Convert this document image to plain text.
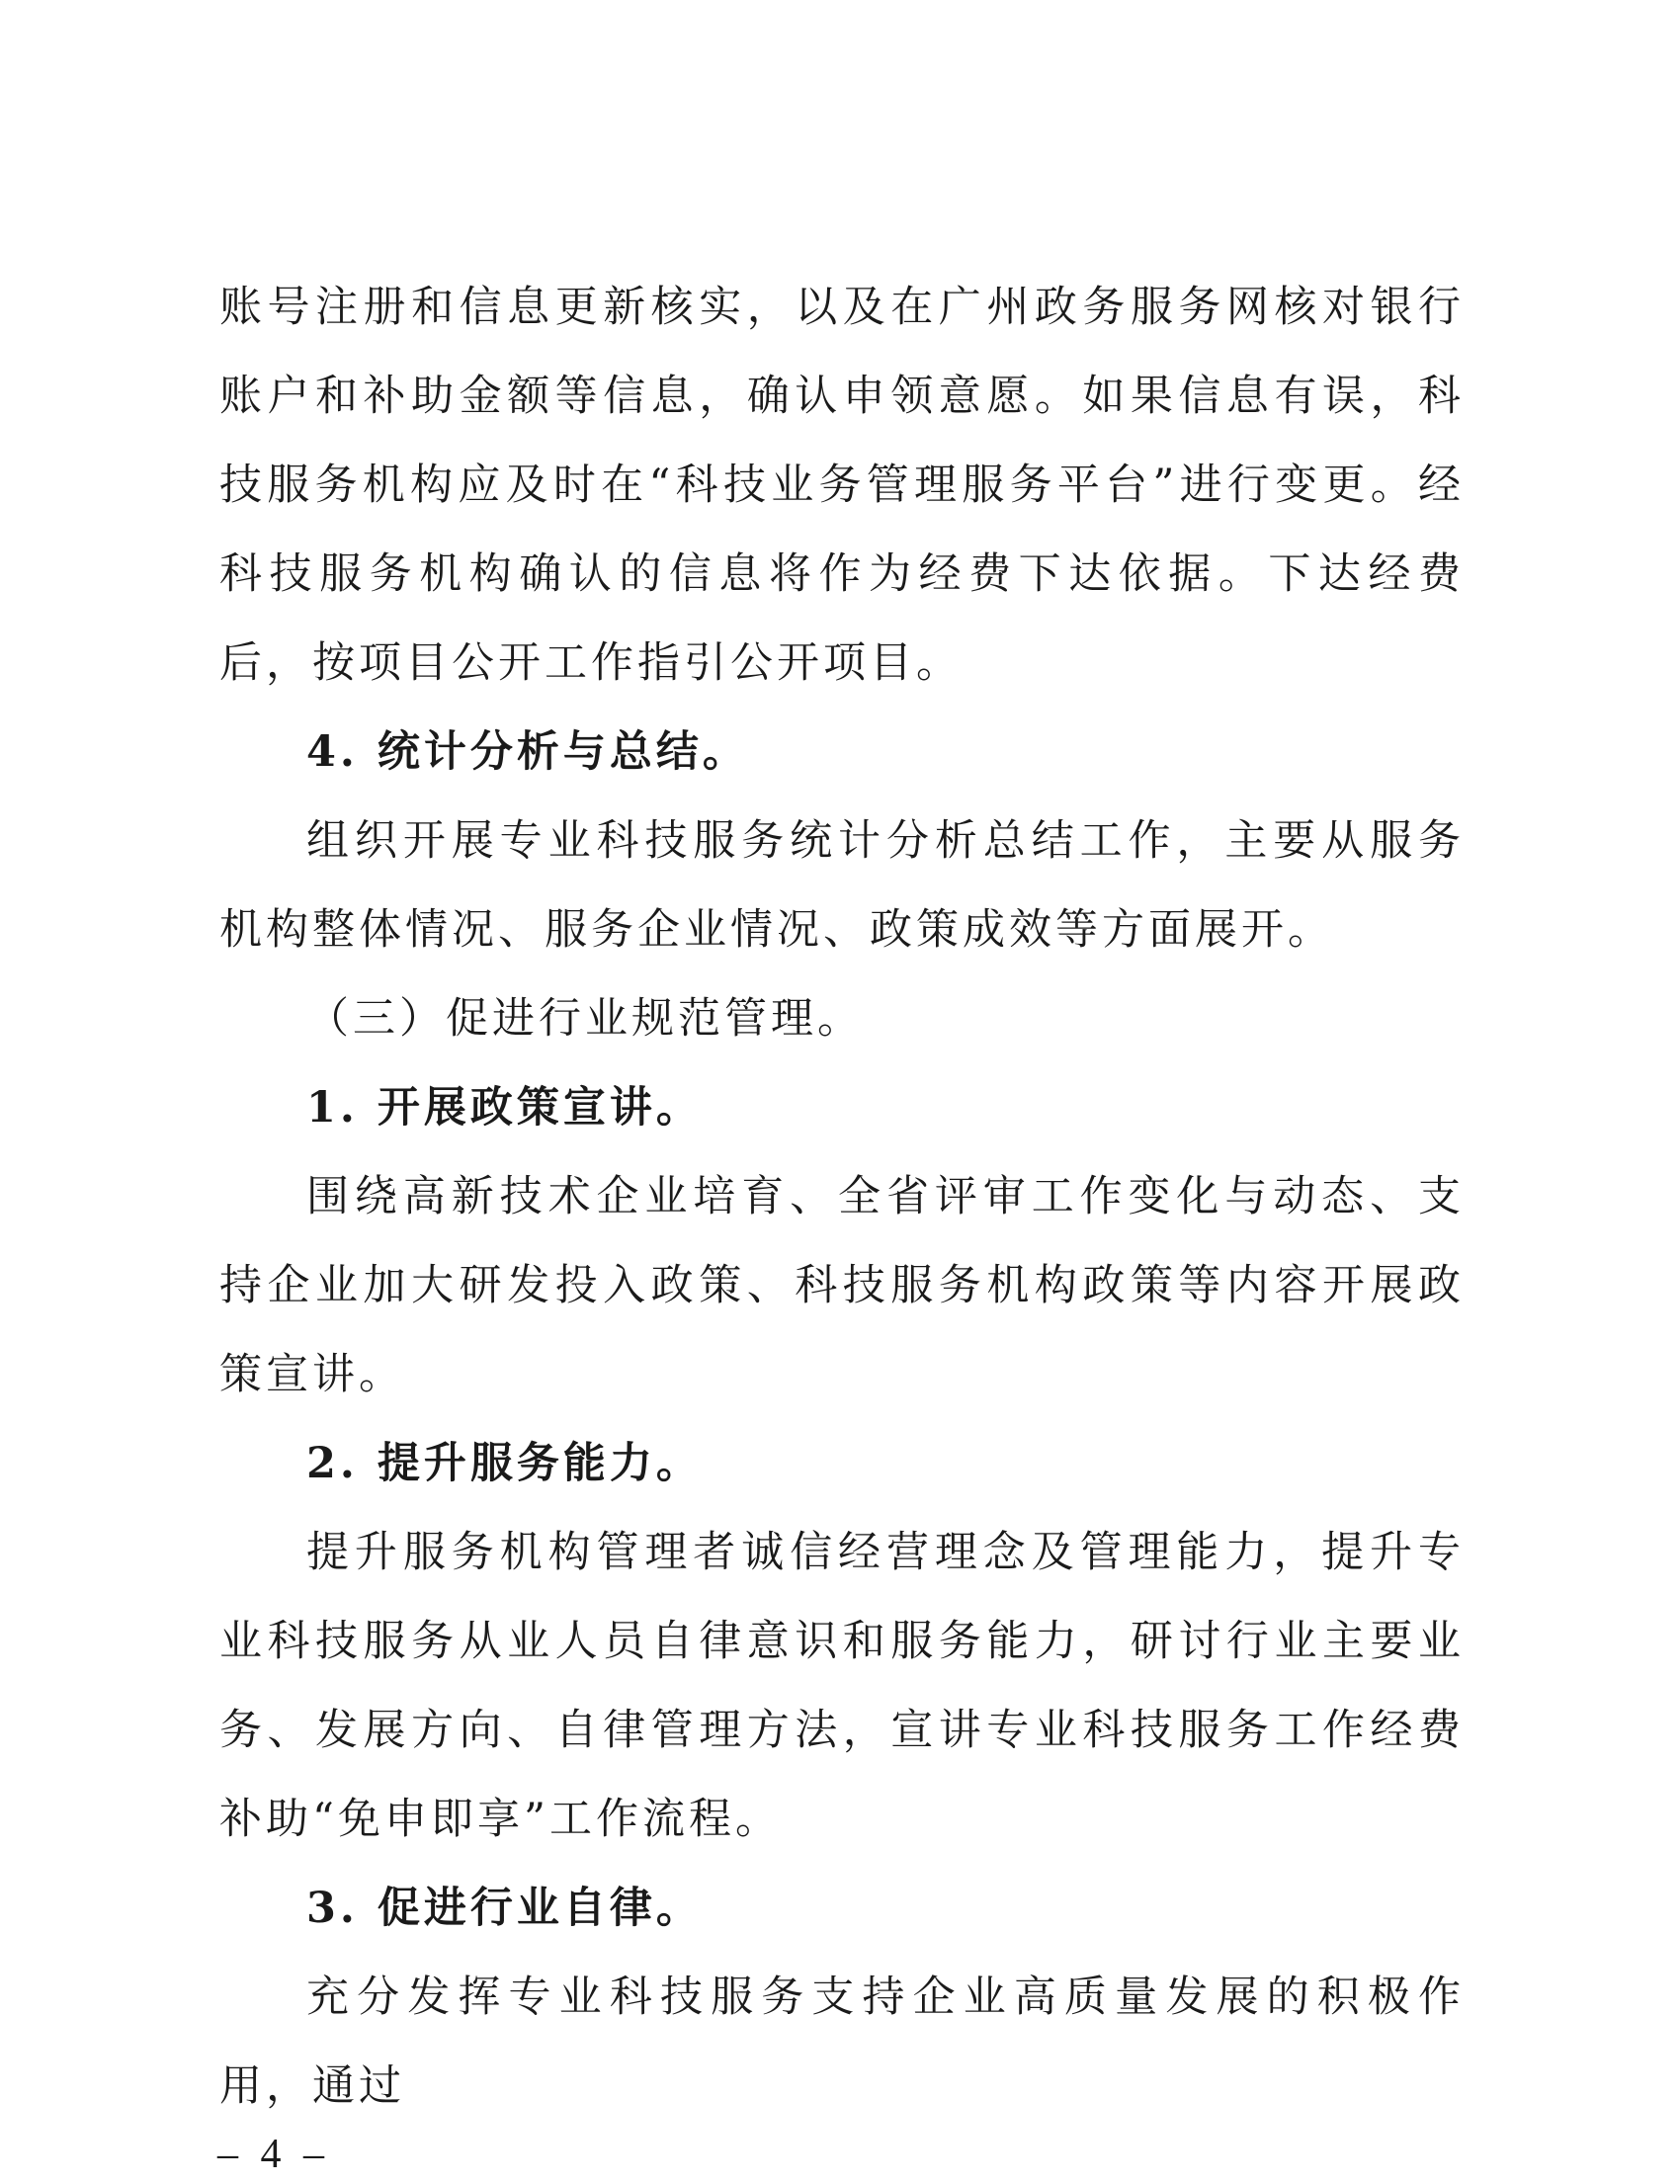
账号注册和信息更新核实，以及在广州政务服务网核对银行账户和补助金额等信息，确认申领意愿。如果信息有误，科技服务机构应及时在“科技业务管理服务平台”进行变更。经科技服务机构确认的信息将作为经费下达依据。下达经费后，按项目公开工作指引公开项目。

4. 统计分析与总结。

组织开展专业科技服务统计分析总结工作，主要从服务机构整体情况、服务企业情况、政策成效等方面展开。

（三）促进行业规范管理。

1. 开展政策宣讲。

围绕高新技术企业培育、全省评审工作变化与动态、支持企业加大研发投入政策、科技服务机构政策等内容开展政策宣讲。

2. 提升服务能力。

提升服务机构管理者诚信经营理念及管理能力，提升专业科技服务从业人员自律意识和服务能力，研讨行业主要业务、发展方向、自律管理方法，宣讲专业科技服务工作经费补助“免申即享”工作流程。

3. 促进行业自律。

充分发挥专业科技服务支持企业高质量发展的积极作用，通过

– 4 –
